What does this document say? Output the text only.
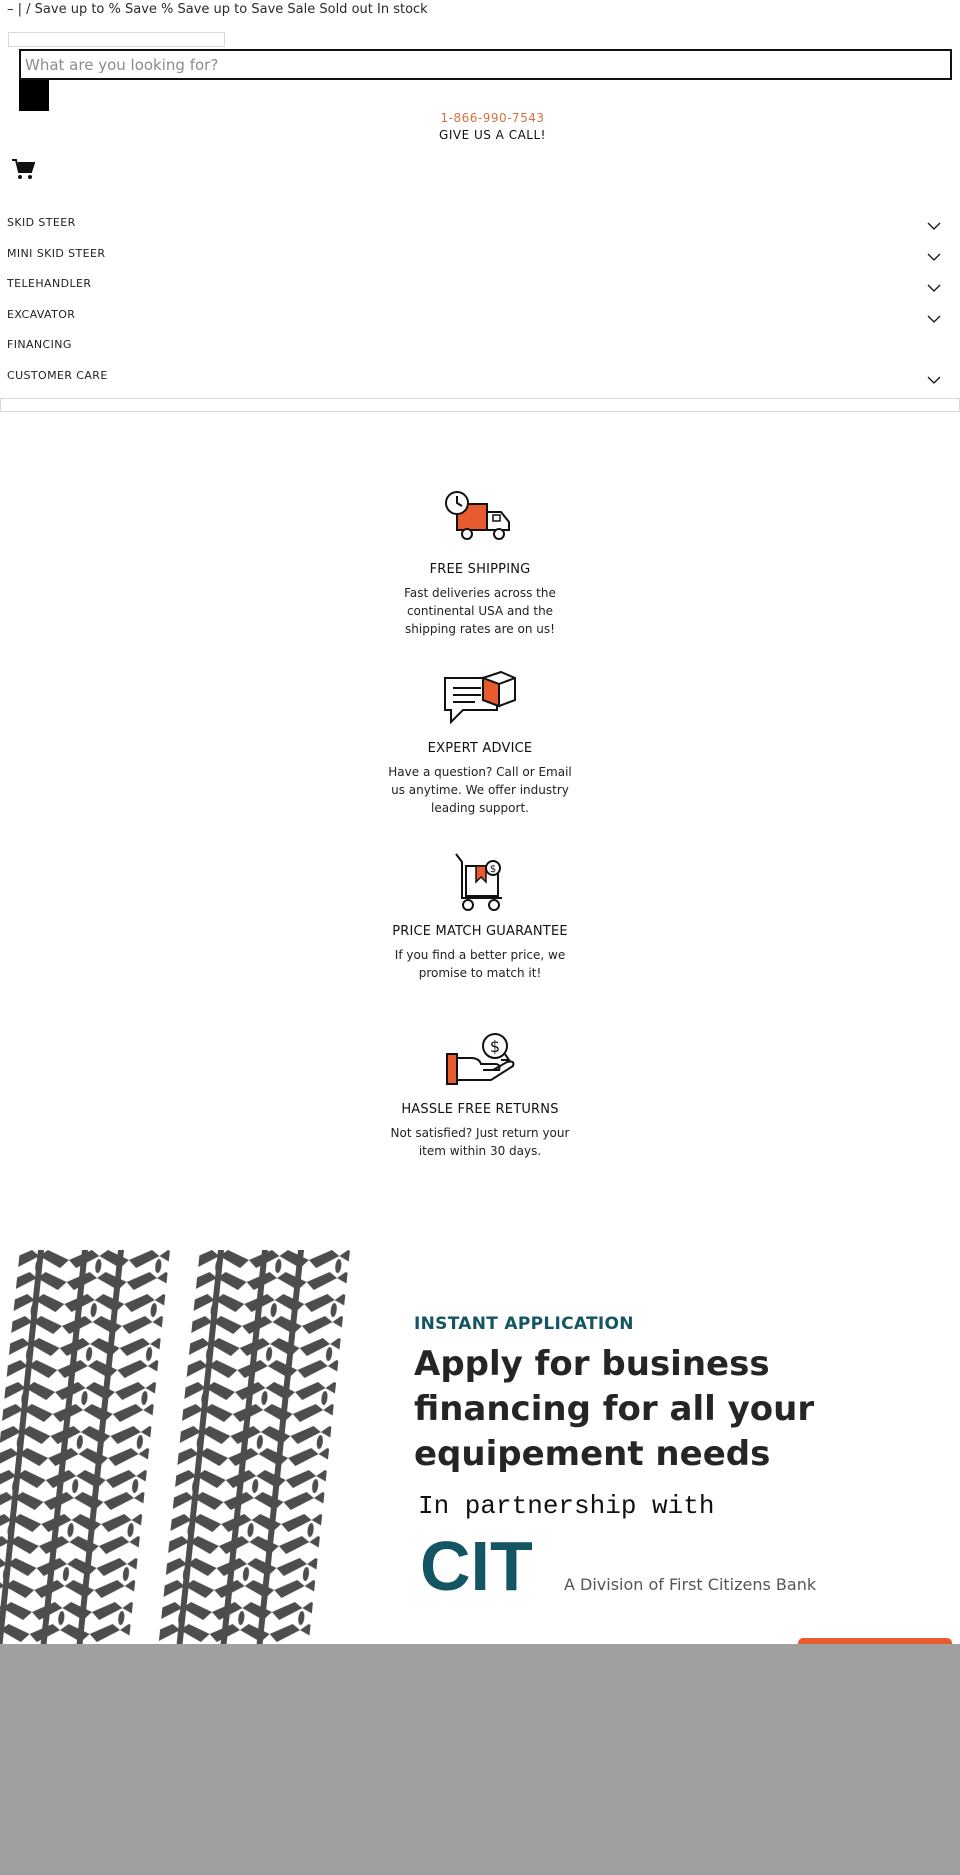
– | / Save up to % Save % Save up to Save Sale Sold out In stock
What are you looking for?
1-866-990-7543
GIVE US A CALL!
SKID STEER
MINI SKID STEER
TELEHANDLER
EXCAVATOR
FINANCING
CUSTOMER CARE
FREE SHIPPING
Fast deliveries across the continental USA and the shipping rates are on us!
EXPERT ADVICE
Have a question? Call or Email us anytime. We offer industry leading support.
$
PRICE MATCH GUARANTEE
If you find a better price, we promise to match it!
$
HASSLE FREE RETURNS
Not satisfied? Just return your item within 30 days.
INSTANT APPLICATION
Apply for business financing for all your equipement needs
In partnership with
CIT A Division of First Citizens Bank
